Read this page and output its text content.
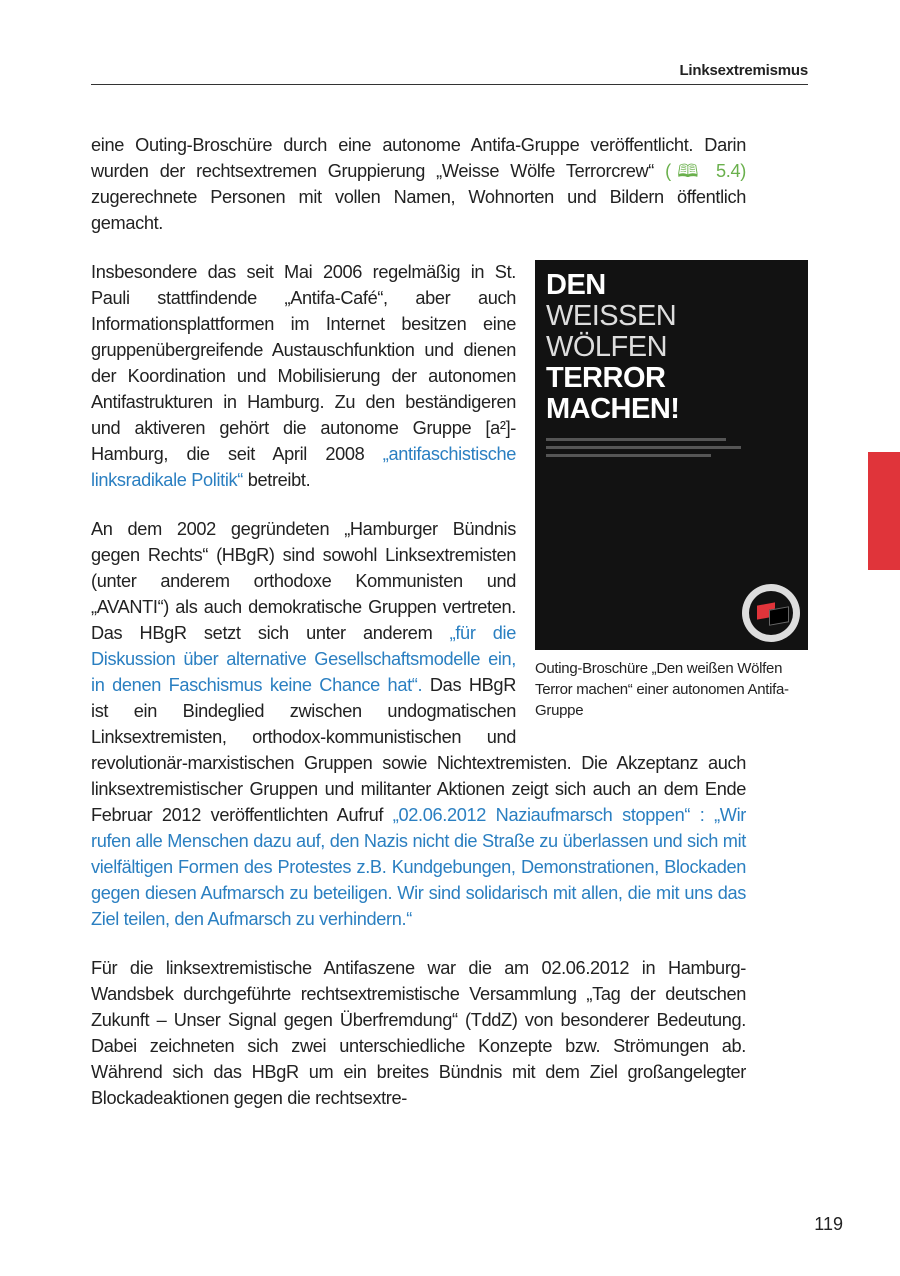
Linksextremismus

eine Outing-Broschüre durch eine autonome Antifa-Gruppe veröffentlicht. Darin wurden der rechtsextremen Gruppierung „Weisse Wölfe Terrorcrew“ (🕮 5.4) zugerechnete Personen mit vollen Namen, Wohnorten und Bildern öffentlich gemacht.

DEN
WEISSEN
WÖLFEN
TERROR
MACHEN!
Outing-Broschüre „Den weißen Wölfen Terror machen“ einer autonomen Antifa-Gruppe

Insbesondere das seit Mai 2006 regelmäßig in St. Pauli stattfindende „Antifa-Café“, aber auch Informationsplattformen im Internet besitzen eine gruppenübergreifende Austauschfunktion und dienen der Koordination und Mobilisierung der autonomen Antifastrukturen in Hamburg. Zu den beständigeren und aktiveren gehört die autonome Gruppe [a²]-Hamburg, die seit April 2008 „antifaschistische linksradikale Politik“ betreibt.

An dem 2002 gegründeten „Hamburger Bündnis gegen Rechts“ (HBgR) sind sowohl Linksextremisten (unter anderem orthodoxe Kommunisten und „AVANTI“) als auch demokratische Gruppen vertreten. Das HBgR setzt sich unter anderem „für die Diskussion über alternative Gesellschaftsmodelle ein, in denen Faschismus keine Chance hat“. Das HBgR ist ein Bindeglied zwischen undogmatischen Linksextremisten, orthodox-kommunistischen und revolutionär-marxistischen Gruppen sowie Nichtextremisten. Die Akzeptanz auch linksextremistischer Gruppen und militanter Aktionen zeigt sich auch an dem Ende Februar 2012 veröffentlichten Aufruf „02.06.2012 Naziaufmarsch stoppen“ : „Wir rufen alle Menschen dazu auf, den Nazis nicht die Straße zu überlassen und sich mit vielfältigen Formen des Protestes z.B. Kundgebungen, Demonstrationen, Blockaden gegen diesen Aufmarsch zu beteiligen. Wir sind solidarisch mit allen, die mit uns das Ziel teilen, den Aufmarsch zu verhindern.“

Für die linksextremistische Antifaszene war die am 02.06.2012 in Hamburg-Wandsbek durchgeführte rechtsextremistische Versammlung „Tag der deutschen Zukunft – Unser Signal gegen Überfremdung“ (TddZ) von besonderer Bedeutung. Dabei zeichneten sich zwei unterschiedliche Konzepte bzw. Strömungen ab. Während sich das HBgR um ein breites Bündnis mit dem Ziel großangelegter Blockadeaktionen gegen die rechtsextre-

119
